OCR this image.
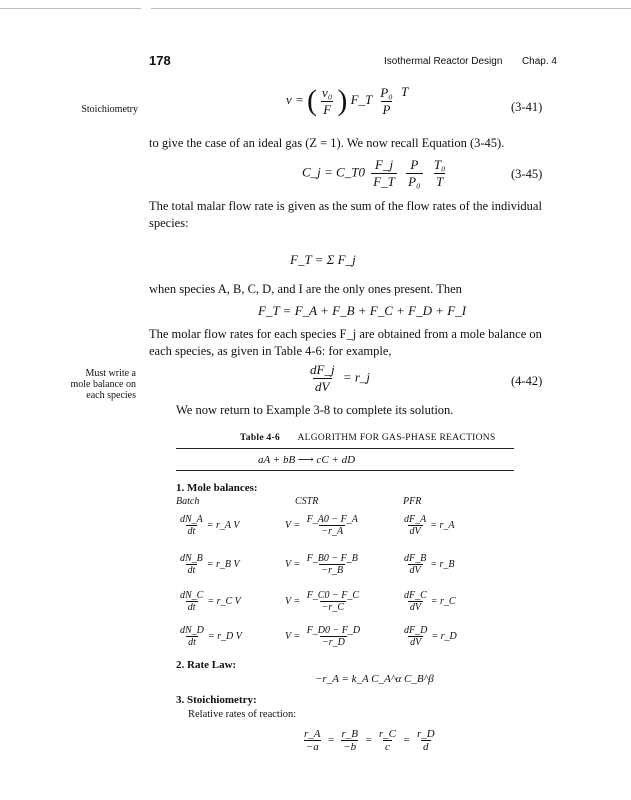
178	Isothermal Reactor Design Chap. 4
Stoichiometry
v = ( $\frac{\text{v₀}}{F}$ ) F_T $\frac{\text{P₀}}{P}$ T
(3-41)
to give the case of an ideal gas (Z = 1). We now recall Equation (3-45).
C_j = C_T0 $\frac{F\_j}{F\_T}$
$\frac{P}{\text{P₀}}$
$\frac{\text{T₀}}{T}$	(3-45)
The total malar flow rate is given as the sum of the flow rates of the individual
species:
F_T = Σ F_j
when species A, B, C, D, and I are the only ones present. Then
F_T = F_A + F_B + F_C + F_D + F_I
The molar flow rates for each species F_j are obtained from a mole balance on
each species, as given in Table 4-6: for example,
Must write a
mole balance on
each species
$\frac{dF\_j}{dV}$ = r_j	(4-42)
We now return to Example 3-8 to complete its solution.
Table 4-6 ALGORITHM FOR GAS-PHASE REACTIONS
aA + bB ⟶ cC + dD
1. Mole balances:
Batch	CSTR	PFR
$\frac{dN\_A}{dt}$ = r_A V	$V = \frac{F\_A0 - F\_A}{-r\_A}$	$\frac{dF\_A}{dV}$ = r_A
$\frac{dN\_B}{dt}$ = r_B V	$V = \frac{F\_B0 - F\_B}{-r\_B}$	$\frac{dF\_B}{dV}$ = r_B
$\frac{dN\_C}{dt}$ = r_C V	$V = \frac{F\_C0 - F\_C}{-r\_C}$	$\frac{dF\_C}{dV}$ = r_C
$\frac{dN\_D}{dt}$ = r_D V	$V = \frac{F\_D0 - F\_D}{-r\_D}$	$\frac{dF\_D}{dV}$ = r_D
2. Rate Law:
−r_A = k_A C_A^α C_B^β
3. Stoichiometry:
Relative rates of reaction:
$\frac{r\_A}{-a} = \frac{r\_B}{-b} = \frac{r\_C}{c} = \frac{r\_D}{d}$
